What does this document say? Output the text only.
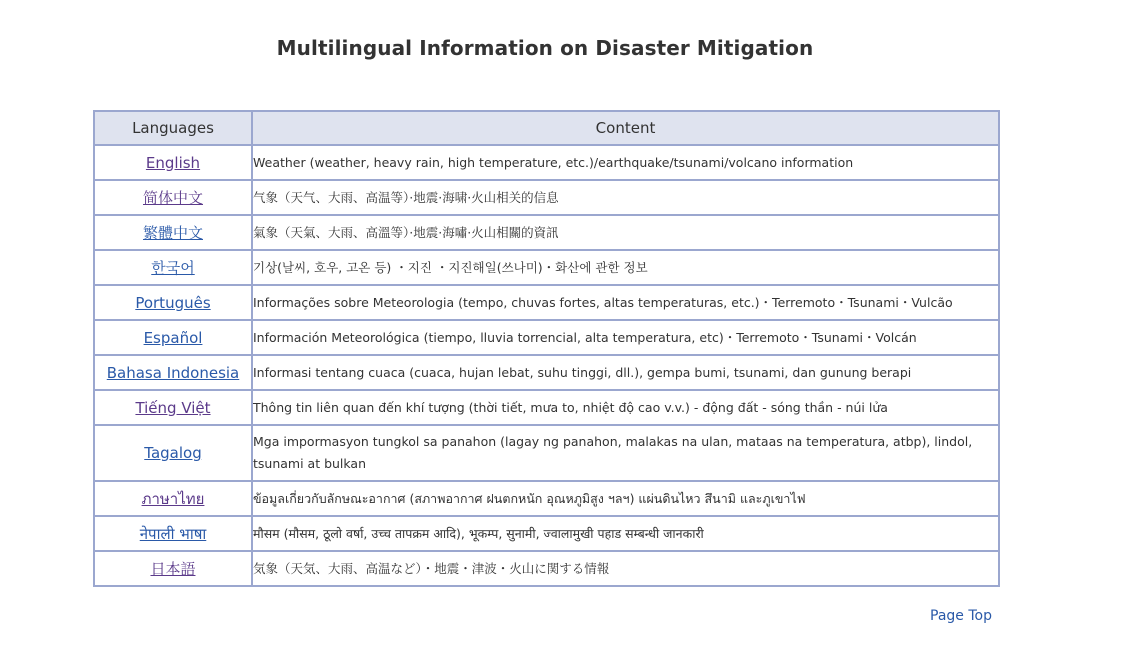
Multilingual Information on Disaster Mitigation
Languages	Content
English	Weather (weather, heavy rain, high temperature, etc.)/earthquake/tsunami/volcano information
简体中文	气象（天气、大雨、高温等）·地震·海啸·火山相关的信息
繁體中文	氣象（天氣、大雨、高溫等）·地震·海嘯·火山相關的資訊
한국어	기상(날씨, 호우, 고온 등) ・지진 ・지진해일(쓰나미)・화산에 관한 정보
Português	Informações sobre Meteorologia (tempo, chuvas fortes, altas temperaturas, etc.)・Terremoto・Tsunami・Vulcão
Español	Información Meteorológica (tiempo, lluvia torrencial, alta temperatura, etc)・Terremoto・Tsunami・Volcán
Bahasa Indonesia	Informasi tentang cuaca (cuaca, hujan lebat, suhu tinggi, dll.), gempa bumi, tsunami, dan gunung berapi
Tiếng Việt	Thông tin liên quan đến khí tượng (thời tiết, mưa to, nhiệt độ cao v.v.) - động đất - sóng thần - núi lửa
Tagalog	Mga impormasyon tungkol sa panahon (lagay ng panahon, malakas na ulan, mataas na temperatura, atbp), lindol, tsunami at bulkan
ภาษาไทย	ข้อมูลเกี่ยวกับลักษณะอากาศ (สภาพอากาศ ฝนตกหนัก อุณหภูมิสูง ฯลฯ) แผ่นดินไหว สึนามิ และภูเขาไฟ
नेपाली भाषा	मौसम (मौसम, ठूलो वर्षा, उच्च तापक्रम आदि), भूकम्प, सुनामी, ज्वालामुखी पहाड सम्बन्धी जानकारी
日本語	気象（天気、大雨、高温など）・地震・津波・火山に関する情報
Page Top
